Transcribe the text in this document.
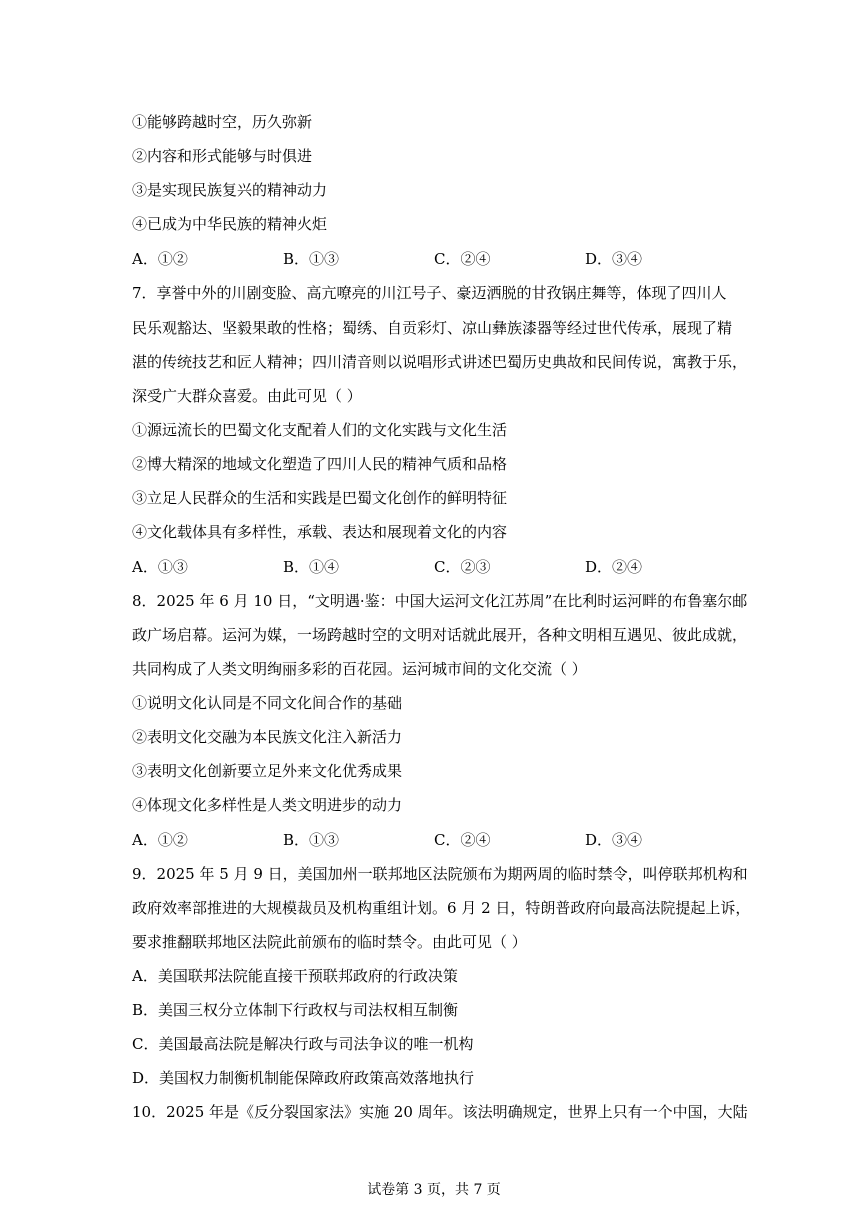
①能够跨越时空，历久弥新
②内容和形式能够与时俱进
③是实现民族复兴的精神动力
④已成为中华民族的精神火炬
A．①②	B．①③	C．②④	D．③④
7．享誉中外的川剧变脸、高亢嘹亮的川江号子、豪迈洒脱的甘孜锅庄舞等，体现了四川人
民乐观豁达、坚毅果敢的性格；蜀绣、自贡彩灯、凉山彝族漆器等经过世代传承，展现了精
湛的传统技艺和匠人精神；四川清音则以说唱形式讲述巴蜀历史典故和民间传说，寓教于乐，
深受广大群众喜爱。由此可见（ ）
①源远流长的巴蜀文化支配着人们的文化实践与文化生活
②博大精深的地域文化塑造了四川人民的精神气质和品格
③立足人民群众的生活和实践是巴蜀文化创作的鲜明特征
④文化载体具有多样性，承载、表达和展现着文化的内容
A．①③	B．①④	C．②③	D．②④
8．2025 年 6 月 10 日，“文明遇·鉴：中国大运河文化江苏周”在比利时运河畔的布鲁塞尔邮
政广场启幕。运河为媒，一场跨越时空的文明对话就此展开，各种文明相互遇见、彼此成就，
共同构成了人类文明绚丽多彩的百花园。运河城市间的文化交流（ ）
①说明文化认同是不同文化间合作的基础
②表明文化交融为本民族文化注入新活力
③表明文化创新要立足外来文化优秀成果
④体现文化多样性是人类文明进步的动力
A．①②	B．①③	C．②④	D．③④
9．2025 年 5 月 9 日，美国加州一联邦地区法院颁布为期两周的临时禁令，叫停联邦机构和
政府效率部推进的大规模裁员及机构重组计划。6 月 2 日，特朗普政府向最高法院提起上诉，
要求推翻联邦地区法院此前颁布的临时禁令。由此可见（ ）
A．美国联邦法院能直接干预联邦政府的行政决策
B．美国三权分立体制下行政权与司法权相互制衡
C．美国最高法院是解决行政与司法争议的唯一机构
D．美国权力制衡机制能保障政府政策高效落地执行
10．2025 年是《反分裂国家法》实施 20 周年。该法明确规定，世界上只有一个中国，大陆
试卷第 3 页，共 7 页
